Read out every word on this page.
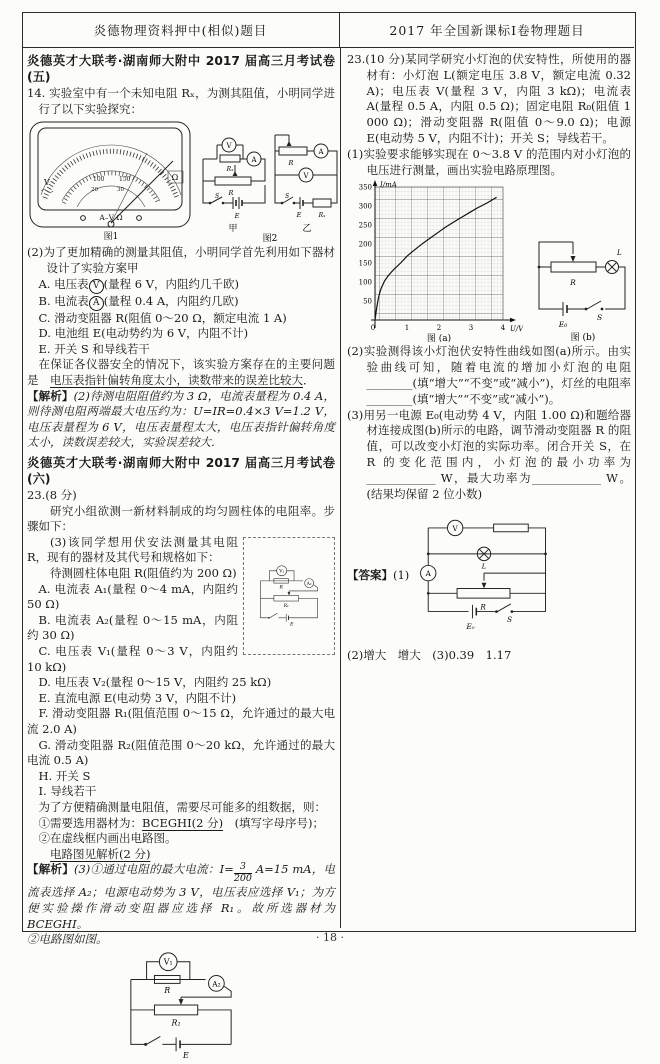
炎德物理资料押中(相似)题目	2017 年全国新课标Ⅰ卷物理题目

炎德英才大联考·湖南师大附中 2017 届高三月考试卷(五)

14. 实验室中有一个未知电阻 Rₓ，为测其阻值，小明同学进行了以下实验探究：

100 150
20	30
Ω
V
A–V Ω
图1
V
Rₓ
A
R
S
E
甲
R
A
V
S
E	Rₓ
乙
图2

(2)为了更加精确的测量其阻值，小明同学首先利用如下器材设计了实验方案甲

A. 电压表 V (量程 6 V，内阻约几千欧)

B. 电流表 A (量程 0.4 A，内阻约几欧)

C. 滑动变阻器 R(阻值 0～20 Ω，额定电流 1 A)

D. 电池组 E(电动势约为 6 V，内阻不计)

E. 开关 S 和导线若干

在保证各仪器安全的情况下，该实验方案存在的主要问题是　 电压表指针偏转角度太小，读数带来的误差比较大．

【解析】(2)待测电阻阻值约为 3 Ω，电流表量程为 0.4 A，则待测电阻两端最大电压约为：U=IR=0.4×3 V=1.2 V，电压表量程为 6 V，电压表量程太大，电压表指针偏转角度太小，读数误差较大，实验误差较大．

炎德英才大联考·湖南师大附中 2017 届高三月考试卷(六)

23.(8 分)

研究小组欲测一新材料制成的均匀圆柱体的电阻率。步骤如下：

V₁
R
A₂
R₁
E

(3)该同学想用伏安法测量其电阻 R，现有的器材及其代号和规格如下：

待测圆柱体电阻 R(阻值约为 200 Ω)

A. 电流表 A₁(量程 0～4 mA，内阻约 50 Ω)

B. 电流表 A₂(量程 0～15 mA，内阻约 30 Ω)

C. 电压表 V₁(量程 0～3 V，内阻约 10 kΩ)

D. 电压表 V₂(量程 0～15 V，内阻约 25 kΩ)

E. 直流电源 E(电动势 3 V，内阻不计)

F. 滑动变阻器 R₁(阻值范围 0～15 Ω，允许通过的最大电流 2.0 A)

G. 滑动变阻器 R₂(阻值范围 0～20 kΩ，允许通过的最大电流 0.5 A)

H. 开关 S

I. 导线若干

为了方便精确测量电阻值，需要尽可能多的组数据，则：

①需要选用器材为：BCEGHI(2 分)　 (填写字母序号)；

②在虚线框内画出电路图。

电路图见解析(2 分)

【解析】(3)①通过电阻的最大电流：$I= \frac{3}{200} A=15$ mA，电流表选择 A₂；电源电动势为 3 V，电压表应选择 V₁；为方便实验操作滑动变阻器应选择 R₁。故所选器材为 BCEGHI。

②电路图如图。

V₁
R
A₂
R₁
E

23.(10 分)某同学研究小灯泡的伏安特性，所使用的器材有：小灯泡 L(额定电压 3.8 V，额定电流 0.32 A)；电压表 V(量程 3 V，内阻 3 kΩ)；电流表 A(量程 0.5 A，内阻 0.5 Ω)；固定电阻 R₀(阻值 1 000 Ω)；滑动变阻器 R(阻值 0～9.0 Ω)；电源 E(电动势 5 V，内阻不计)；开关 S；导线若干。

(1)实验要求能够实现在 0～3.8 V 的范围内对小灯泡的电压进行测量，画出实验电路原理图。

I/mA
U/V
50
100
150
200
250
300
350
0	1	2	3	4
图 (a)
R
L
E₀
S
图 (b)

(2)实验测得该小灯泡伏安特性曲线如图(a)所示。由实验曲线可知，随着电流的增加小灯泡的电阻________(填“增大”“不变”或“减小”)，灯丝的电阻率________(填“增大”“不变”或“减小”)。

(3)用另一电源 E₀(电动势 4 V，内阻 1.00 Ω)和题给器材连接成图(b)所示的电路，调节滑动变阻器 R 的阻值，可以改变小灯泡的实际功率。闭合开关 S，在 R 的变化范围内，小灯泡的最小功率为____________ W，最大功率为____________ W。(结果均保留 2 位小数)

【答案】(1)

V
L
A
R
E₀
S

(2)增大　增大　(3)0.39　1.17

· 18 ·
